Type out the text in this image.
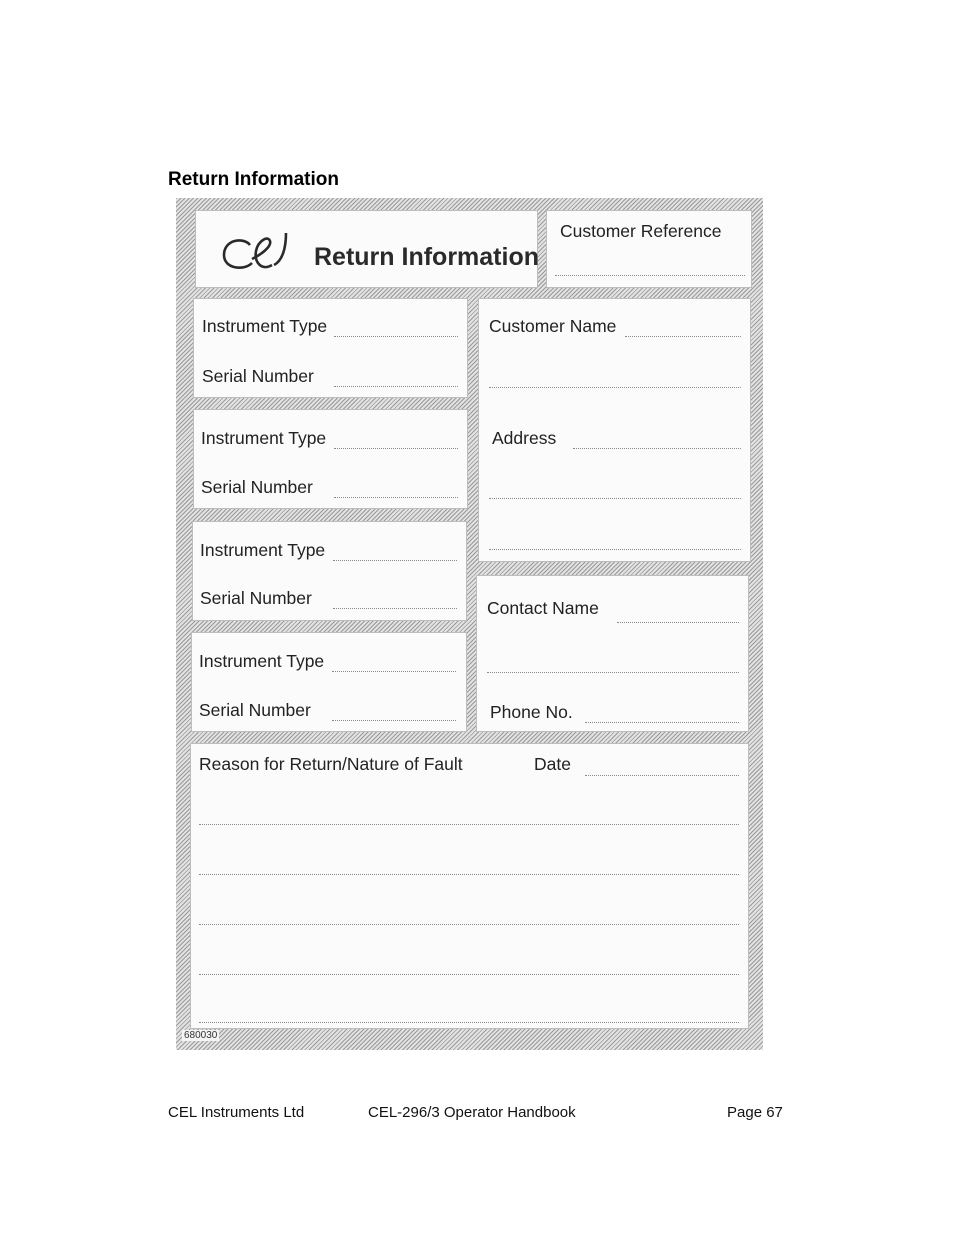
Return Information
cel
Return Information
Customer Reference
Instrument Type
Serial Number
Instrument Type
Serial Number
Instrument Type
Serial Number
Instrument Type
Serial Number
Customer Name
Address
Contact Name
Phone No.
Reason for Return/Nature of Fault	Date
680030
CEL Instruments Ltd	CEL-296/3 Operator Handbook	Page 67
